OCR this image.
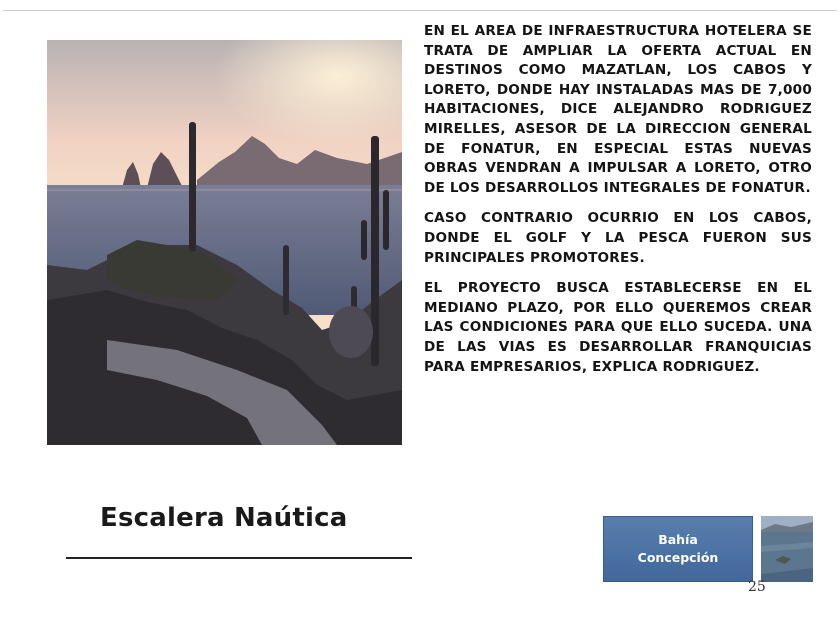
EN EL AREA DE INFRAESTRUCTURA HOTELERA SE TRATA DE AMPLIAR LA OFERTA ACTUAL EN DESTINOS COMO MAZATLAN, LOS CABOS Y LORETO, DONDE HAY INSTALADAS MAS DE 7,000 HABITACIONES, DICE ALEJANDRO RODRIGUEZ MIRELLES, ASESOR DE LA DIRECCION GENERAL DE FONATUR, EN ESPECIAL ESTAS NUEVAS OBRAS VENDRAN A IMPULSAR A LORETO, OTRO DE LOS DESARROLLOS INTEGRALES DE FONATUR.

CASO CONTRARIO OCURRIO EN LOS CABOS, DONDE EL GOLF Y LA PESCA FUERON SUS PRINCIPALES PROMOTORES.

EL PROYECTO BUSCA ESTABLECERSE EN EL MEDIANO PLAZO, POR ELLO QUEREMOS CREAR LAS CONDICIONES PARA QUE ELLO SUCEDA. UNA DE LAS VIAS ES DESARROLLAR FRANQUICIAS PARA EMPRESARIOS, EXPLICA RODRIGUEZ.

Escalera Naútica
Bahía
Concepción
25
